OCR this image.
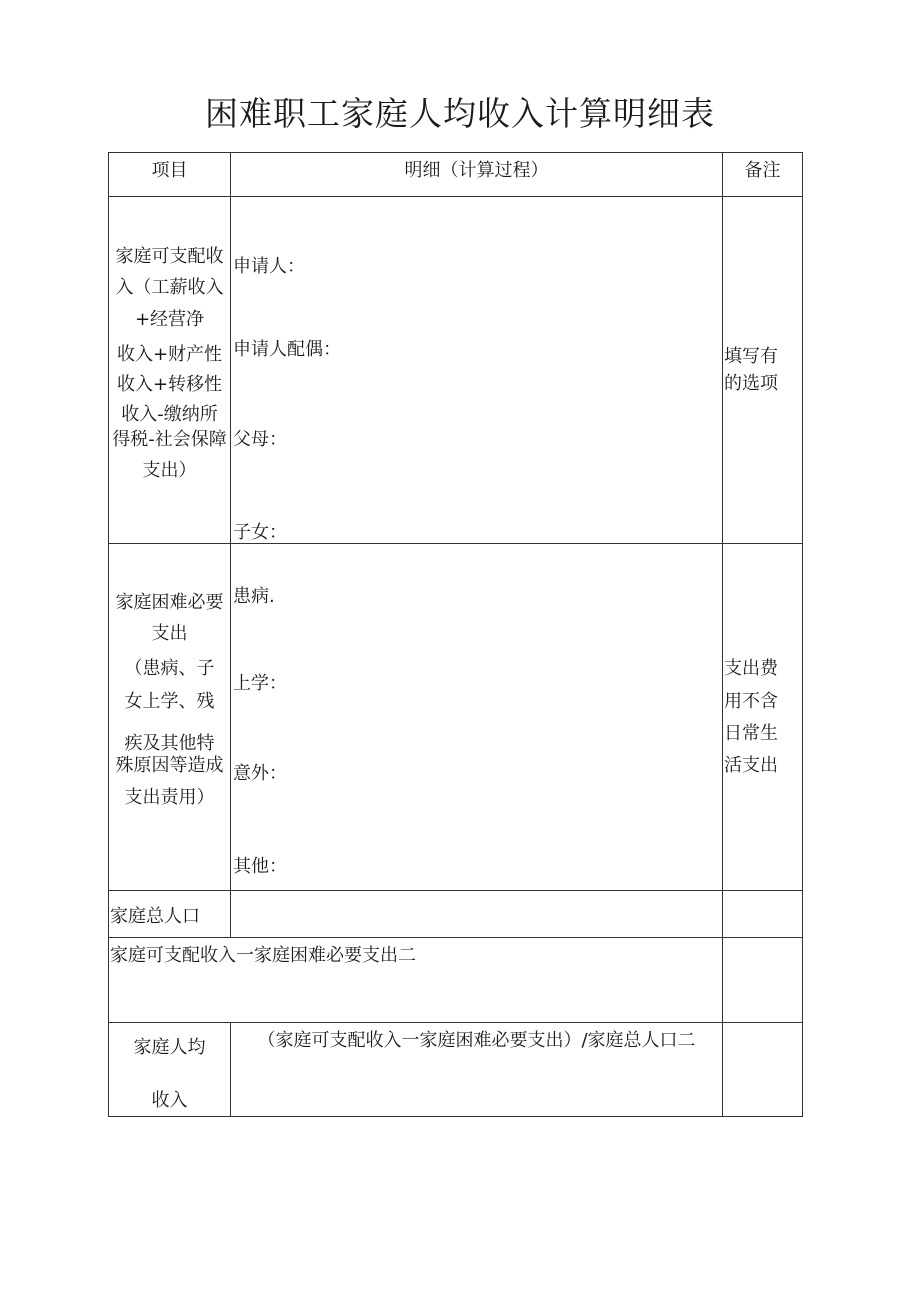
困难职工家庭人均收入计算明细表
项目	明细（计算过程）	备注
家庭可支配收
入（工薪收入
+经营净
收入+财产性
收入+转移性
收入-缴纳所
得税-社会保障
支出）
申请人：
申请人配偶：
父母：
子女：
填写有
的选项
家庭困难必要
支出
（患病、子
女上学、残
疾及其他特
殊原因等造成
支出责用）
患病.
上学：
意外：
其他：
支出费
用不含
日常生
活支出
家庭总人口
家庭可支配收入一家庭困难必要支出二
家庭人均
收入
（家庭可支配收入一家庭困难必要支出）/家庭总人口二
